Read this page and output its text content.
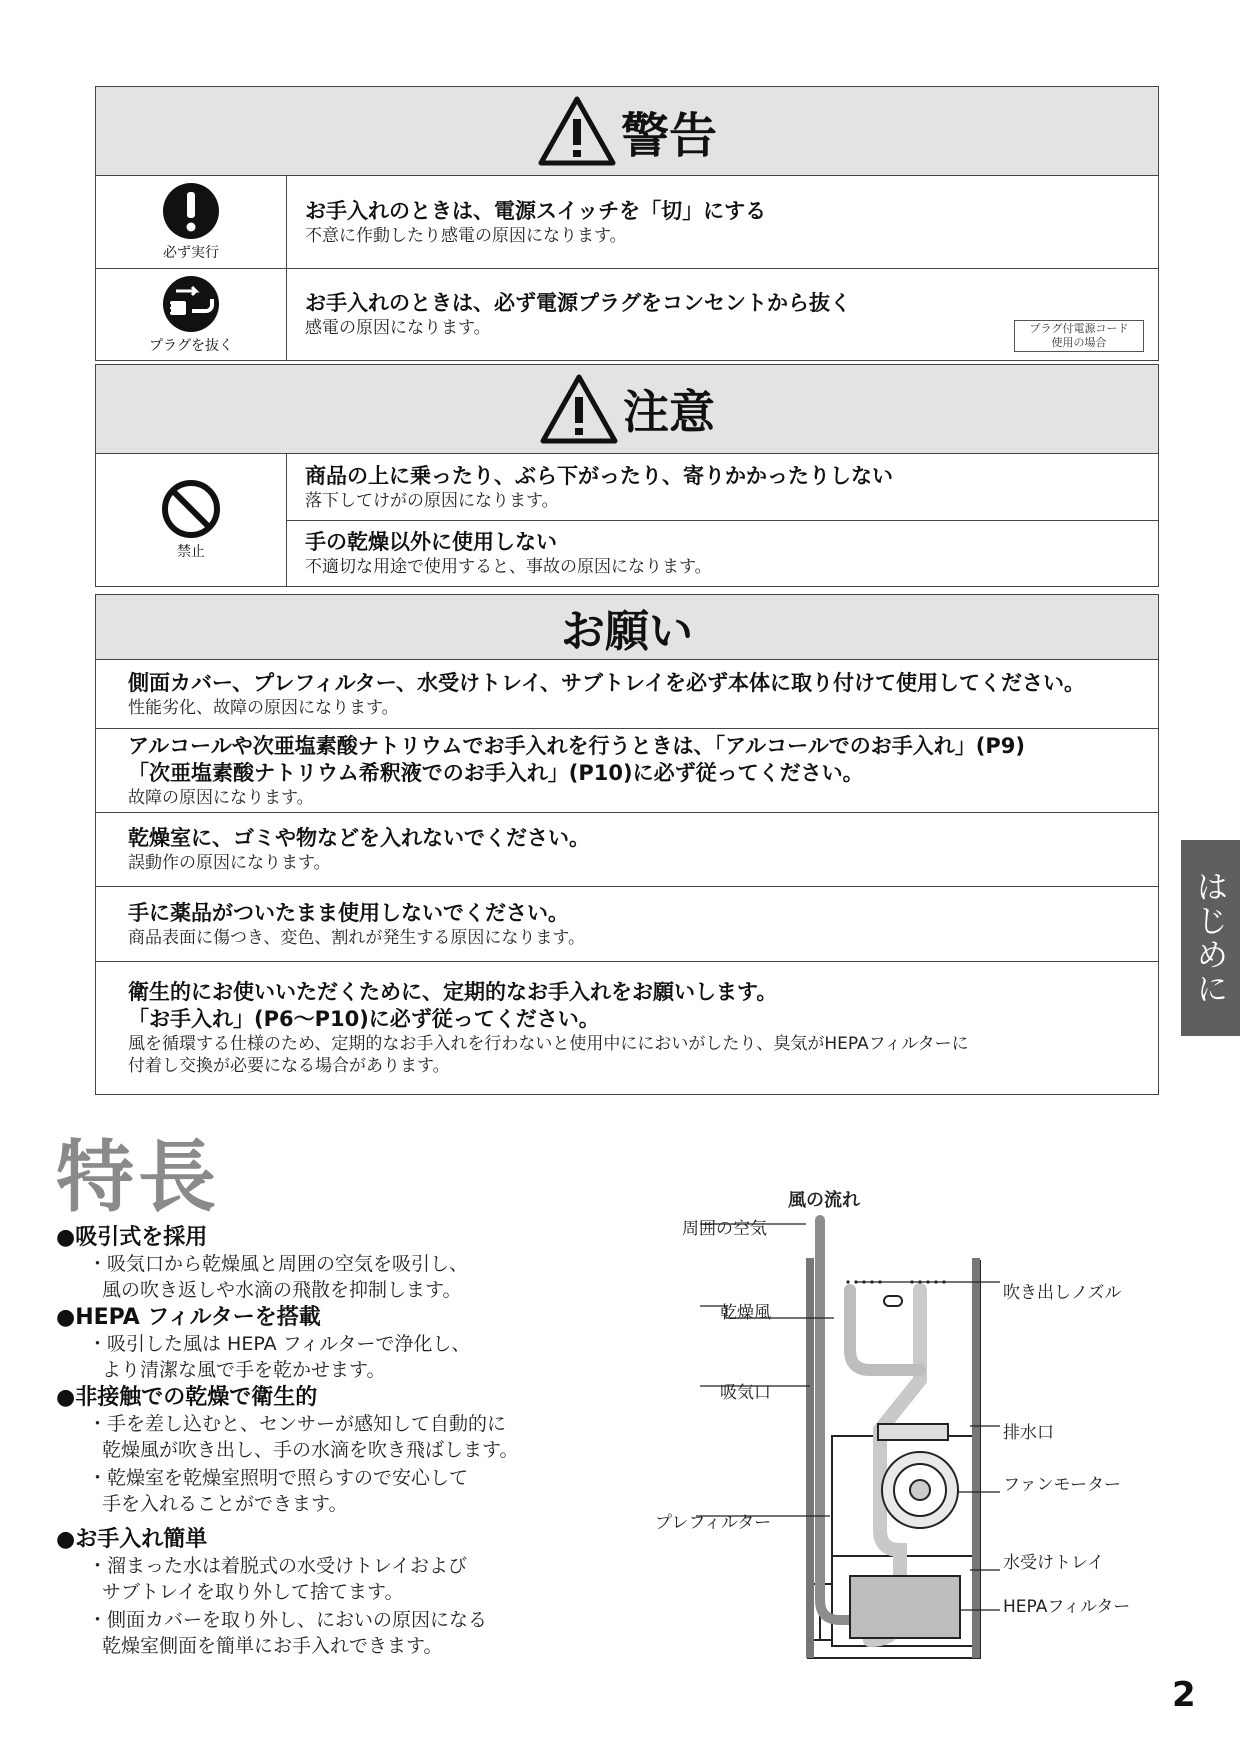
警告
必ず実行
お手入れのときは、電源スイッチを「切」にする
不意に作動したり感電の原因になります。
プラグを抜く
お手入れのときは、必ず電源プラグをコンセントから抜く
感電の原因になります。	プラグ付電源コード
使用の場合
注意
禁止
商品の上に乗ったり、ぶら下がったり、寄りかかったりしない
落下してけがの原因になります。
手の乾燥以外に使用しない
不適切な用途で使用すると、事故の原因になります。
お願い
側面カバー、プレフィルター、水受けトレイ、サブトレイを必ず本体に取り付けて使用してください。
性能劣化、故障の原因になります。
アルコールや次亜塩素酸ナトリウムでお手入れを行うときは、「アルコールでのお手入れ」(P9)
「次亜塩素酸ナトリウム希釈液でのお手入れ」(P10)に必ず従ってください。
故障の原因になります。
乾燥室に、ゴミや物などを入れないでください。
誤動作の原因になります。
手に薬品がついたまま使用しないでください。
商品表面に傷つき、変色、割れが発生する原因になります。
衛生的にお使いいただくために、定期的なお手入れをお願いします。
「お手入れ」(P6〜P10)に必ず従ってください。
風を循環する仕様のため、定期的なお手入れを行わないと使用中ににおいがしたり、臭気がHEPAフィルターに
付着し交換が必要になる場合があります。
はじめに
特長
●吸引式を採用
・吸気口から乾燥風と周囲の空気を吸引し、
風の吹き返しや水滴の飛散を抑制します。
●HEPA フィルターを搭載
・吸引した風は HEPA フィルターで浄化し、
より清潔な風で手を乾かせます。
●非接触での乾燥で衛生的
・手を差し込むと、センサーが感知して自動的に
乾燥風が吹き出し、手の水滴を吹き飛ばします。
・乾燥室を乾燥室照明で照らすので安心して
手を入れることができます。
●お手入れ簡単
・溜まった水は着脱式の水受けトレイおよび
サブトレイを取り外して捨てます。
・側面カバーを取り外し、においの原因になる
乾燥室側面を簡単にお手入れできます。
風の流れ
周囲の空気
乾燥風
吸気口
プレフィルター
吹き出しノズル
排水口
ファンモーター
水受けトレイ
HEPAフィルター
2
